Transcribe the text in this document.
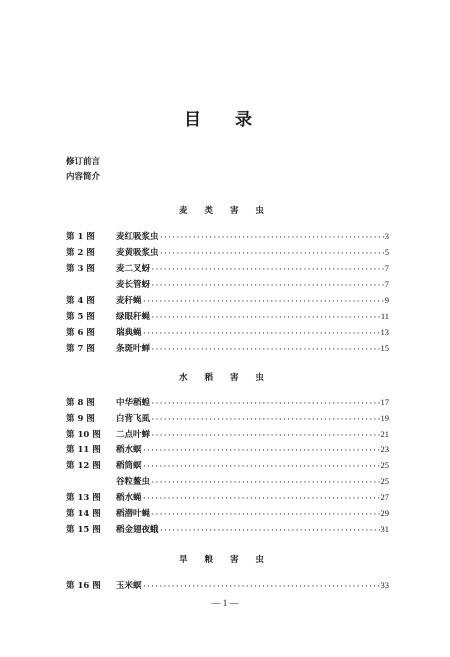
目 录
修订前言
内容简介
麦 类 害 虫
第 1 图	麦红吸浆虫 ·····	3
第 2 图	麦黄吸浆虫 ·····	5
第 3 图	麦二叉蚜 ·····	7
麦长管蚜 ·····	7
第 4 图	麦秆蝇 ·····	9
第 5 图	绿眼秆蝇 ·····	11
第 6 图	瑞典蝇 ·····	13
第 7 图	条斑叶蝉 ·····	15
水 稻 害 虫
第 8 图	中华稻蝗 ·····	17
第 9 图	白背飞虱 ·····	19
第 10 图	二点叶蝉 ·····	21
第 11 图	稻水螟 ·····	23
第 12 图	稻筒螟 ·····	25
谷粒鳌虫 ·····	25
第 13 图	稻水蝇 ·····	27
第 14 图	稻潜叶蝇 ·····	29
第 15 图	稻金翅夜蛾 ·····	31
旱 粮 害 虫
第 16 图	玉米螟 ·····	33
— 1 —
